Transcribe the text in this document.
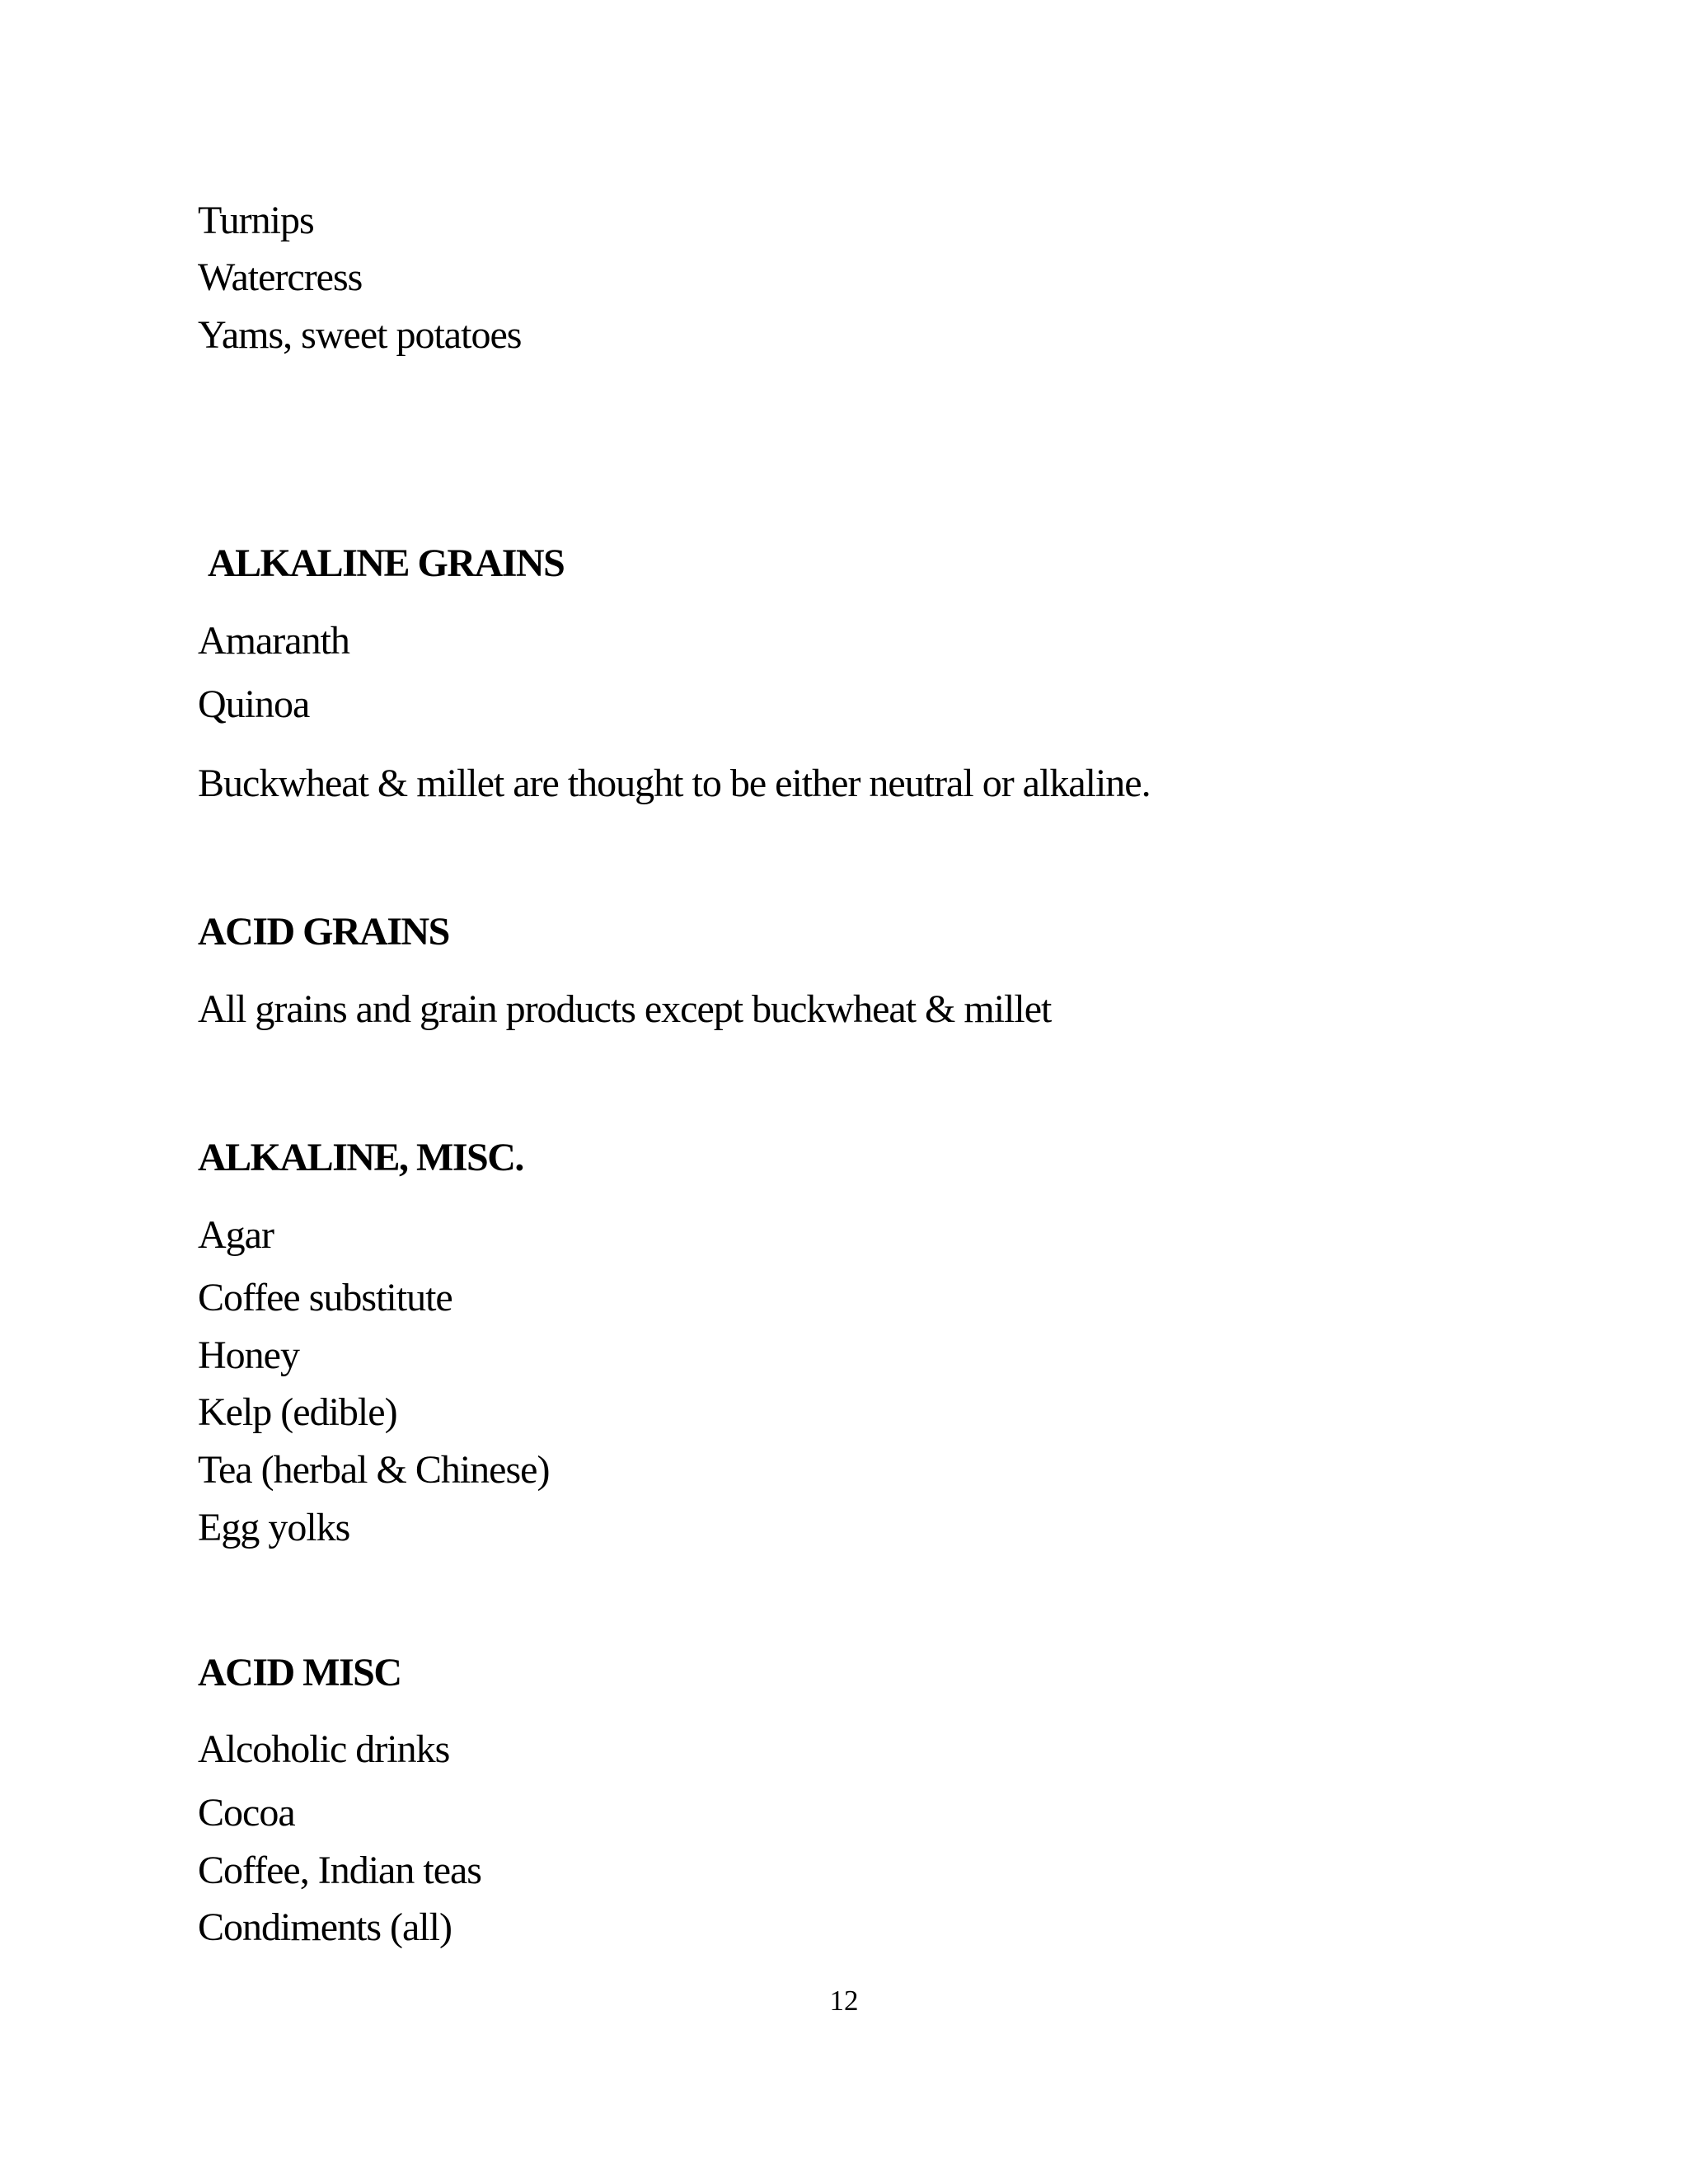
Turnips

Watercress

Yams, sweet potatoes

ALKALINE GRAINS

Amaranth

Quinoa

Buckwheat & millet are thought to be either neutral or alkaline.

ACID GRAINS

All grains and grain products except buckwheat & millet

ALKALINE, MISC.

Agar

Coffee substitute

Honey

Kelp (edible)

Tea (herbal & Chinese)

Egg yolks

ACID MISC

Alcoholic drinks

Cocoa

Coffee, Indian teas

Condiments (all)

12
